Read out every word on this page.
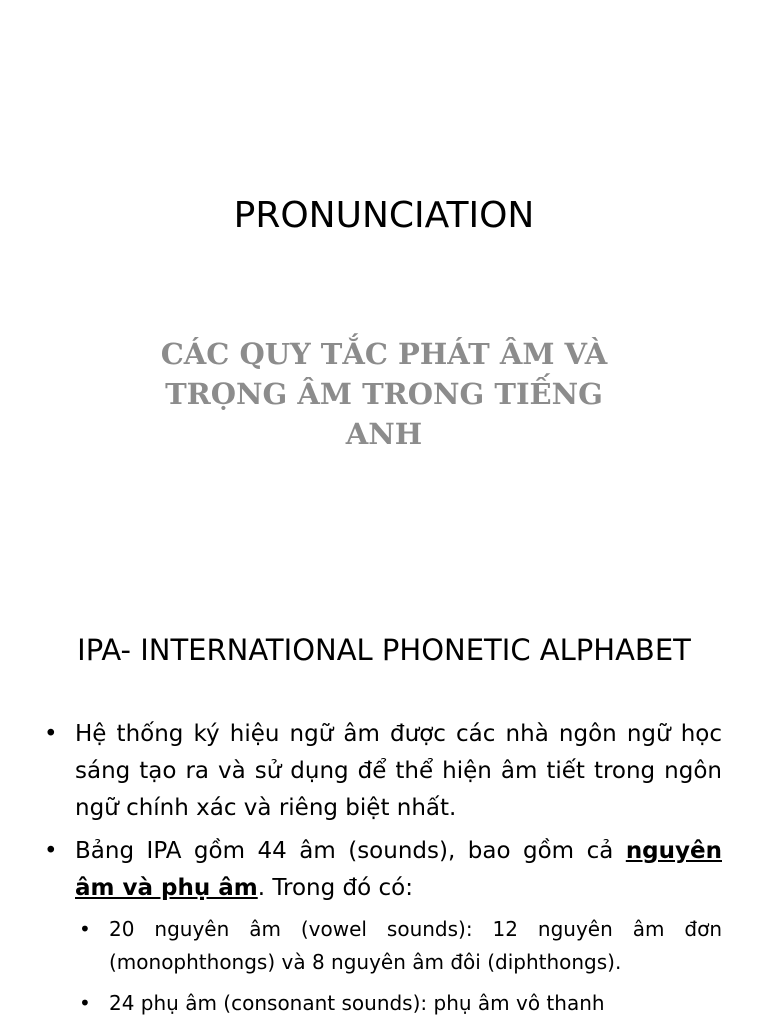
PRONUNCIATION
CÁC QUY TẮC PHÁT ÂM VÀ TRỌNG ÂM TRONG TIẾNG ANH
IPA- INTERNATIONAL PHONETIC ALPHABET
• Hệ thống ký hiệu ngữ âm được các nhà ngôn ngữ học sáng tạo ra và sử dụng để thể hiện âm tiết trong ngôn ngữ chính xác và riêng biệt nhất.
• Bảng IPA gồm 44 âm (sounds), bao gồm cả nguyên âm và phụ âm. Trong đó có:
• 20 nguyên âm (vowel sounds): 12 nguyên âm đơn (monophthongs) và 8 nguyên âm đôi (diphthongs).
• 24 phụ âm (consonant sounds): phụ âm vô thanh
